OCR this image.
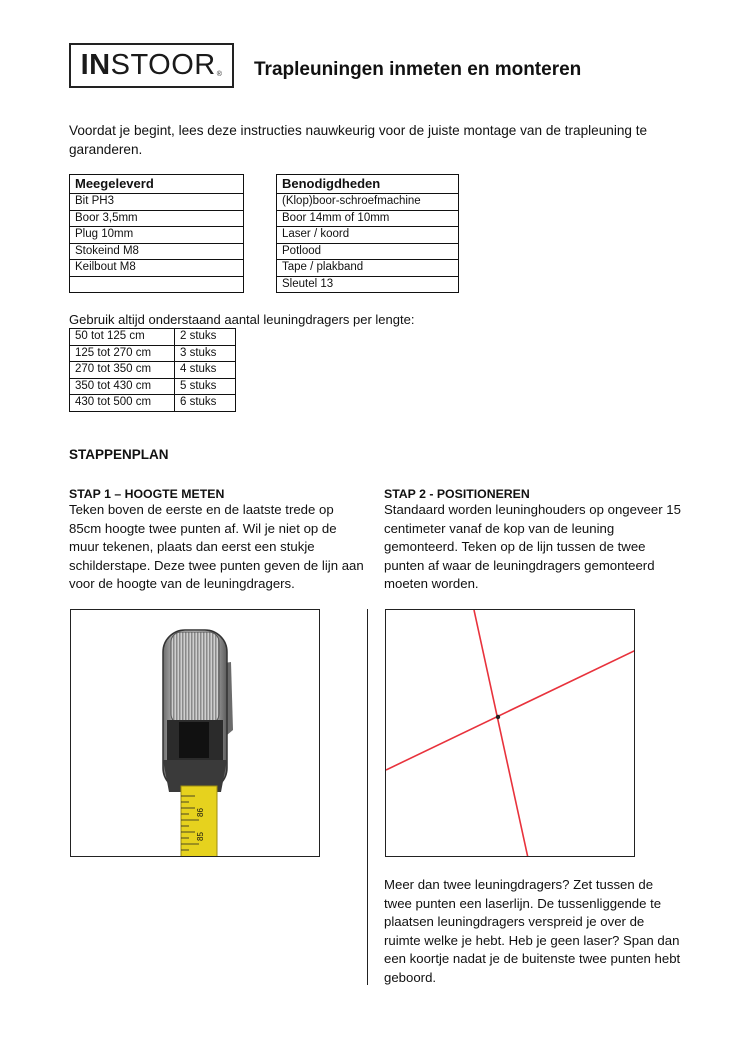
INSTOOR® Trapleuningen inmeten en monteren
Voordat je begint, lees deze instructies nauwkeurig voor de juiste montage van de trapleuning te garanderen.
Meegeleverd
Bit PH3
Boor 3,5mm
Plug 10mm
Stokeind M8
Keilbout M8

Benodigdheden
(Klop)boor-schroefmachine
Boor 14mm of 10mm
Laser / koord
Potlood
Tape / plakband
Sleutel 13
Gebruik altijd onderstaand aantal leuningdragers per lengte:
50 tot 125 cm	2 stuks
125 tot 270 cm	3 stuks
270 tot 350 cm	4 stuks
350 tot 430 cm	5 stuks
430 tot 500 cm	6 stuks
STAPPENPLAN
STAP 1 – HOOGTE METEN
Teken boven de eerste en de laatste trede op 85cm hoogte twee punten af. Wil je niet op de muur tekenen, plaats dan eerst een stukje schilderstape. Deze twee punten geven de lijn aan voor de hoogte van de leuningdragers.
STAP 2 - POSITIONEREN
Standaard worden leuninghouders op ongeveer 15 centimeter vanaf de kop van de leuning gemonteerd. Teken op de lijn tussen de twee punten af waar de leuningdragers gemonteerd moeten worden.
86
85
Meer dan twee leuningdragers? Zet tussen de twee punten een laserlijn. De tussenliggende te plaatsen leuningdragers verspreid je over de ruimte welke je hebt. Heb je geen laser? Span dan een koortje nadat je de buitenste twee punten hebt geboord.
